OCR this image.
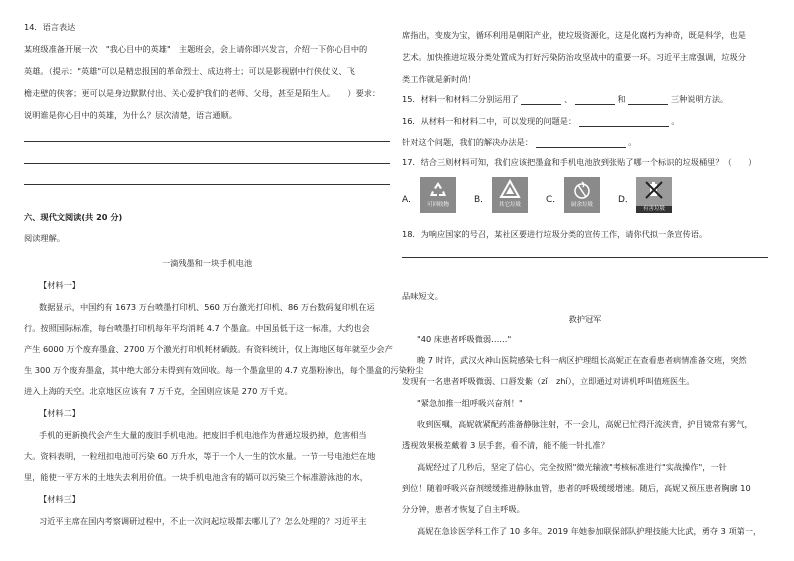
14．语言表达
某班级准备开展一次　"我心目中的英雄"　主题班会，会上请你即兴发言，介绍一下你心目中的
英雄。（提示："英雄"可以是精忠报国的革命烈士、成边将士；可以是影视剧中行侠仗义、飞
檐走壁的侠客；更可以是身边默默付出、关心爱护我们的老师、父母，甚至是陌生人。　　）要求：
说明谁是你心目中的英雄，为什么？层次清楚，语言通顺。
六、现代文阅读(共 20 分)
阅读理解。
一滴残墨和一块手机电池
【材料一】
数据显示，中国约有 1673 万台喷墨打印机、560 万台激光打印机、86 万台数码复印机在运
行。按照国际标准，每台喷墨打印机每年平均消耗 4.7 个墨盒。中国虽低于这一标准，大约也会
产生 6000 万个废弃墨盒、2700 万个激光打印机耗材硒鼓。有资料统计，仅上海地区每年就至少会产
生 300 万个废弃墨盒，其中绝大部分未得到有效回收。每一个墨盒里的 4.7 克墨粉渗出，每个墨盒的污染粉尘
进入上海的天空。北京地区应该有 7 万千克，全国则应该是 270 万千克。
【材料二】
手机的更新换代会产生大量的废旧手机电池。把废旧手机电池作为普通垃圾扔掉，危害相当
大。资料表明，一粒纽扣电池可污染 60 万升水，等于一个人一生的饮水量。一节一号电池烂在地
里，能使一平方米的土地失去利用价值。一块手机电池含有的镉可以污染三个标准游泳池的水，
【材料三】
习近平主席在国内考察调研过程中，不止一次问起垃圾都去哪儿了？怎么处理的？习近平主
席指出，变废为宝，循环利用是朝阳产业，使垃圾资源化，这是化腐朽为神奇，既是科学，也是
艺术。加快推进垃圾分类处置成为打好污染防治攻坚战中的重要一环。习近平主席强调，垃圾分
类工作就是新时尚！
15．材料一和材料二分别运用了	、	和	三种说明方法。
16．从材料一和材料二中，可以发现的问题是：	。
针对这个问题，我们的解决办法是：	。
17．结合三则材料可知，我们应该把墨盒和手机电池放到张贴了哪一个标识的垃圾桶里？（　　）
A． 可回收物	B． 其它垃圾	C． 厨余垃圾	D．
有害垃圾
18．为响应国家的号召，某社区要进行垃圾分类的宣传工作，请你代拟一条宣传语。
品味短文。
救护冠军
"40 床患者呼吸微弱……"
晚 7 时许，武汉火神山医院感染七科一病区护理组长高妮正在查看患者病情准备交班，突然
发现有一名患者呼吸微弱、口唇发紫（zǐ　zhí），立即通过对讲机呼叫值班医生。
"紧急加推一组呼吸兴奋剂！"
收到医嘱，高妮就紧配药准备静脉注射，不一会儿，高妮已忙得汗流浃背，护目镜常有雾气，
透视效果极差戴着 3 层手套，看不清，能不能一针扎准？
高妮经过了几秒后，坚定了信心，完全按照"微光输液"考核标准进行"实战操作"，一针
到位！随着呼吸兴奋剂缓缓推进静脉血管，患者的呼吸缓缓增速。随后，高妮又预压患者胸廓 10
分分钟，患者才恢复了自主呼吸。
高妮在急诊医学科工作了 10 多年。2019 年她参加联保部队护理技能大比武，勇夺 3 项第一，
